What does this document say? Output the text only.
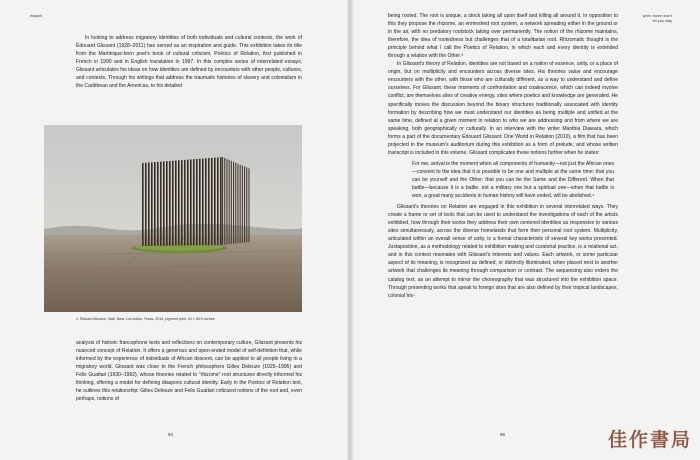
maujmi

In looking to address migratory identities of both individuals and cultural contexts, the work of Édouard Glissant (1928–2011) has served as an inspiration and guide. This exhibition takes its title from the Martinique-born poet's book of cultural criticism, Poetics of Relation, first published in French in 1990 and in English translation in 1997. In this complex series of interrelated essays, Glissant articulates his ideas on how identities are defined by encounters with other people, cultures, and contexts. Through his writings that address the traumatic histories of slavery and colonialism in the Caribbean and the Americas, to his detailed

1. Richard Misrach, Wall, Near Los Indios, Texas, 2015, pigment print, 61 × 80⅝ inches

analysis of historic francophone texts and reflections on contemporary culture, Glissant presents his nuanced concept of Relation. It offers a generous and open-ended model of self-definition that, while informed by the experience of individuals of African descent, can be applied to all people living in a migratory world. Glissant was close to the French philosophers Gilles Deleuze (1925–1995) and Félix Guattari (1930–1992), whose theories related to "rhizome" root structures directly informed his thinking, offering a model for defining diasporic cultural identity. Early in the Poetics of Relation text, he outlines this relationship: Gilles Deleuze and Felix Guattari criticized notions of the root and, even perhaps, notions of

94
when home won't
let you stay

being rooted. The root is unique, a stock taking all upon itself and killing all around it. In opposition to this they propose the rhizome, an enmeshed root system, a network spreading either in the ground or in the air, with no predatory rootstock taking over permanently. The notion of the rhizome maintains, therefore, the idea of rootedness but challenges that of a totalitarian root. Rhizomatic thought is the principle behind what I call the Poetics of Relation, in which each and every identity is extended through a relation with the Other.³

In Glissant's theory of Relation, identities are not based on a notion of essence, unity, or a place of origin, but on multiplicity and encounters across diverse sites. His theories value and encourage encounters with the other, with those who are culturally different, as a way to understand and define ourselves. For Glissant, these moments of confrontation and coalescence, which can indeed involve conflict, are themselves sites of creative energy, sites where poetics and knowledge are generated. He specifically moves the discussion beyond the binary structures traditionally associated with identity formation by describing how we must understand our identities as being multiple and unified at the same time, defined at a given moment in relation to who we are addressing and from where we are speaking, both geographically or culturally. In an interview with the writer Manthia Diawara, which forms a part of the documentary Édouard Glissant: One World in Relation (2010), a film that has been projected in the museum's auditorium during this exhibition as a form of prelude, and whose written transcript is included in this volume, Glissant complicates these notions further when he states:

For me, arrival is the moment when all components of humanity—not just the African ones—consent to the idea that it is possible to be one and multiple at the same time; that you can be yourself and the Other; that you can be the Same and the Different. When that battle—because it is a battle, not a military one but a spiritual one—when that battle is won, a great many accidents in human history will have ended, will be abolished.⁴

Glissant's theories on Relation are engaged in this exhibition in several interrelated ways. They create a frame or set of tools that can be used to understand the investigations of each of the artists exhibited, how through their works they address their own centered identities as responsive to various sites simultaneously, across the diverse homelands that form their personal root system. Multiplicity, articulated within an overall sense of unity, is a formal characteristic of several key works presented. Juxtaposition, as a methodology related to exhibition making and curatorial practice, is a relational act, and in this context resonates with Glissant's interests and values. Each artwork, or some particular aspect of its meaning, is recognized as defined, or distinctly illuminated, when placed next to another artwork that challenges its meaning through comparison or contrast. The sequencing also orders the catalog text, as an attempt to mirror the choreography that was structured into the exhibition space. Through presenting works that speak to foreign sites that are also defined by their tropical landscapes, colonial his-

95	佳作書局
